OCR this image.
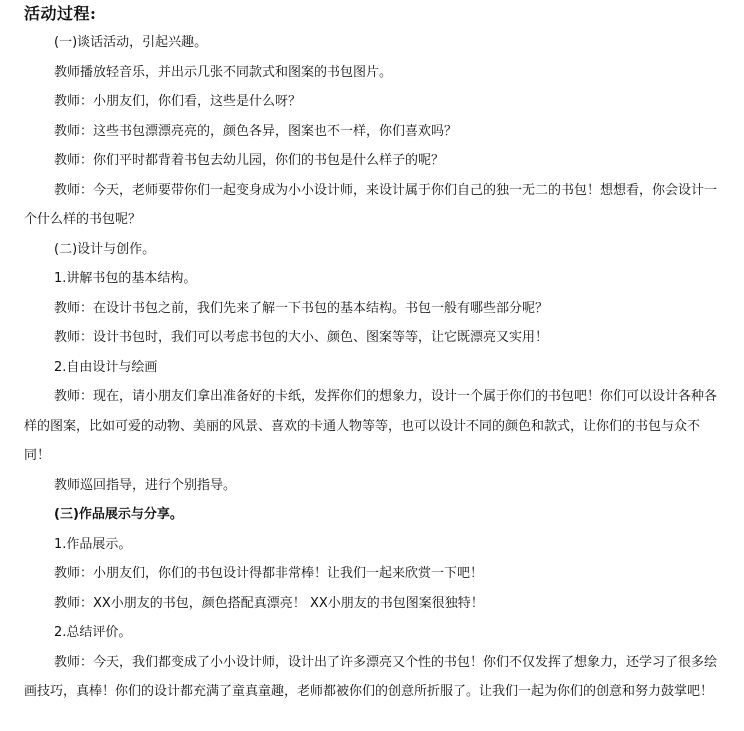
活动过程:

(一)谈话活动，引起兴趣。

教师播放轻音乐，并出示几张不同款式和图案的书包图片。

教师：小朋友们，你们看，这些是什么呀？

教师：这些书包漂漂亮亮的，颜色各异，图案也不一样，你们喜欢吗？

教师：你们平时都背着书包去幼儿园，你们的书包是什么样子的呢？

教师：今天，老师要带你们一起变身成为小小设计师，来设计属于你们自己的独一无二的书包！想想看，你会设计一个什么样的书包呢？

(二)设计与创作。

1.讲解书包的基本结构。

教师：在设计书包之前，我们先来了解一下书包的基本结构。书包一般有哪些部分呢？

教师：设计书包时，我们可以考虑书包的大小、颜色、图案等等，让它既漂亮又实用！

2.自由设计与绘画

教师：现在，请小朋友们拿出准备好的卡纸，发挥你们的想象力，设计一个属于你们的书包吧！你们可以设计各种各样的图案，比如可爱的动物、美丽的风景、喜欢的卡通人物等等，也可以设计不同的颜色和款式，让你们的书包与众不同！

教师巡回指导，进行个别指导。

(三)作品展示与分享。

1.作品展示。

教师：小朋友们，你们的书包设计得都非常棒！让我们一起来欣赏一下吧！

教师：XX小朋友的书包，颜色搭配真漂亮！ XX小朋友的书包图案很独特！

2.总结评价。

教师：今天，我们都变成了小小设计师，设计出了许多漂亮又个性的书包！你们不仅发挥了想象力，还学习了很多绘画技巧，真棒！你们的设计都充满了童真童趣，老师都被你们的创意所折服了。让我们一起为你们的创意和努力鼓掌吧！
